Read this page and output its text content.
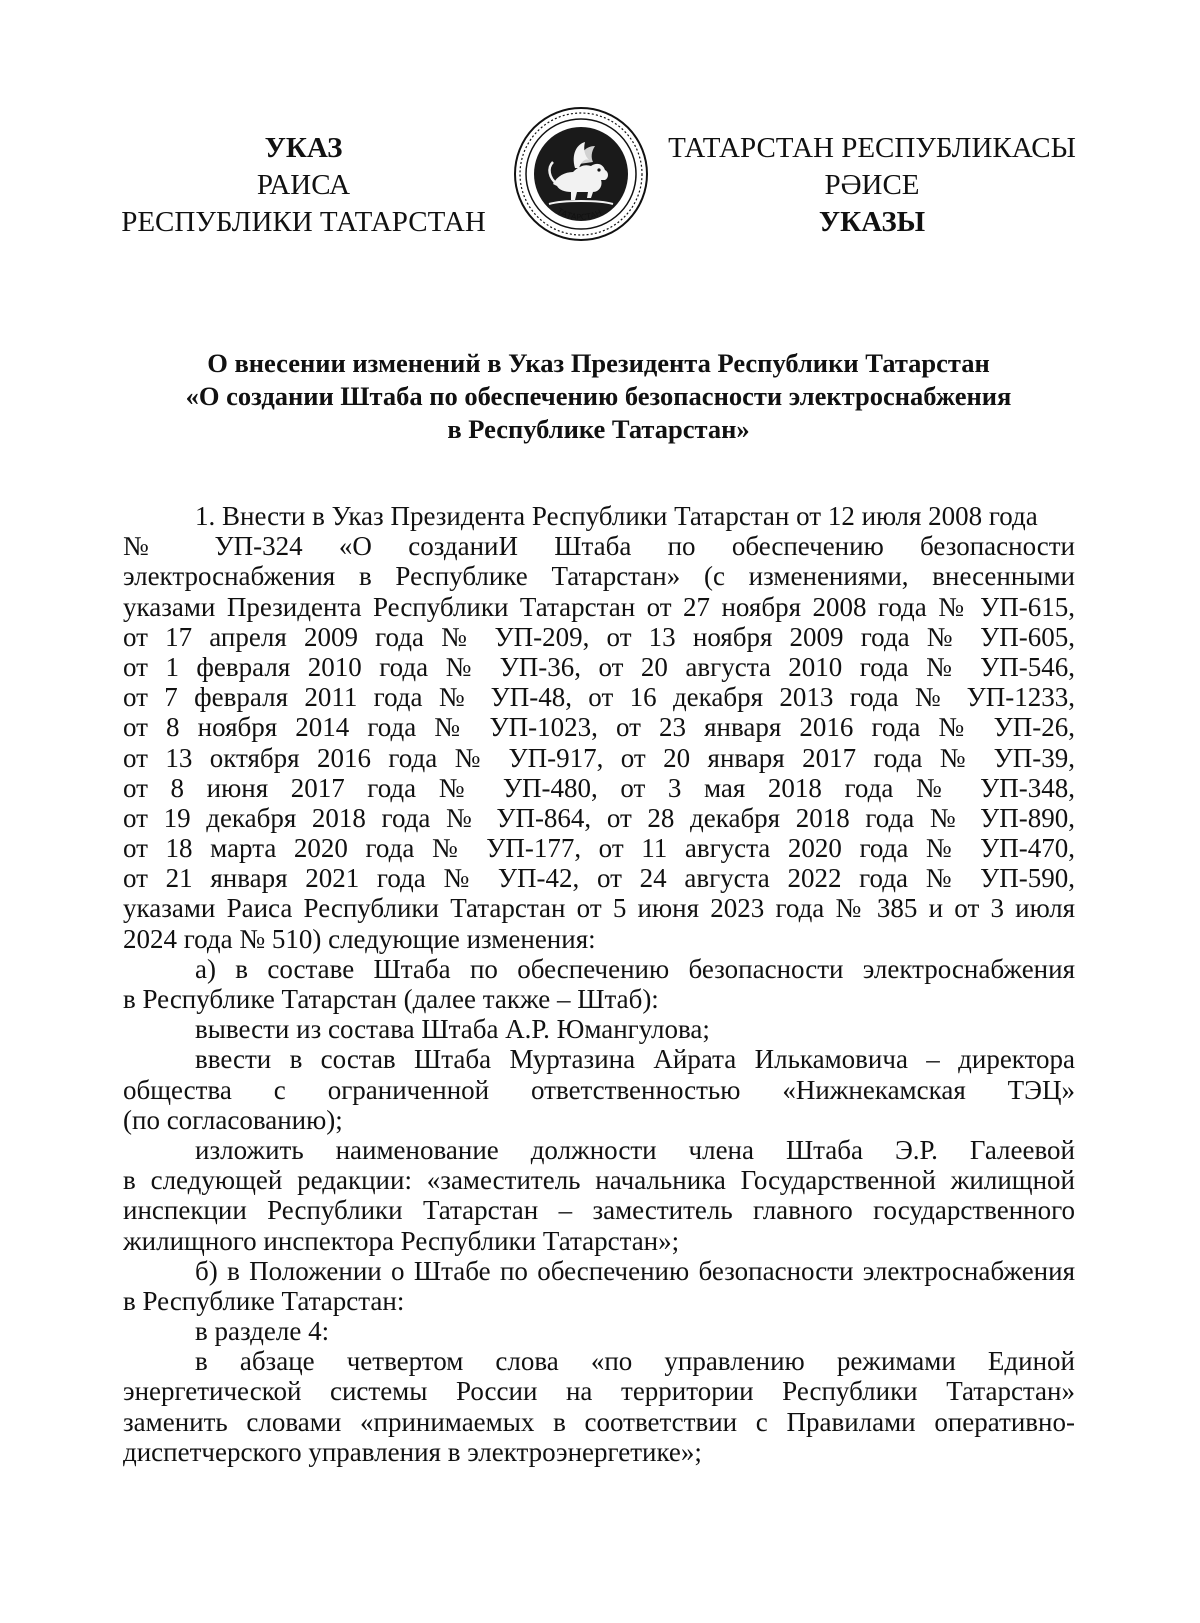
УКАЗ
РАИСА
РЕСПУБЛИКИ ТАТАРСТАН	ТАТАРСТАН
ТАТАРСТАН РЕСПУБЛИКАСЫ
РӘИСЕ
УКАЗЫ
О внесении изменений в Указ Президента Республики Татарстан
«О создании Штаба по обеспечению безопасности электроснабжения
в Республике Татарстан»
1. Внести в Указ Президента Республики Татарстан от 12 июля 2008 года
№ УП-324 «О созданиИ Штаба по обеспечению безопасности
электроснабжения в Республике Татарстан» (с изменениями, внесенными
указами Президента Республики Татарстан от 27 ноября 2008 года № УП-615,
от 17 апреля 2009 года № УП-209, от 13 ноября 2009 года № УП-605,
от 1 февраля 2010 года № УП-36, от 20 августа 2010 года № УП-546,
от 7 февраля 2011 года № УП-48, от 16 декабря 2013 года № УП-1233,
от 8 ноября 2014 года № УП-1023, от 23 января 2016 года № УП-26,
от 13 октября 2016 года № УП-917, от 20 января 2017 года № УП-39,
от 8 июня 2017 года № УП-480, от 3 мая 2018 года № УП-348,
от 19 декабря 2018 года № УП-864, от 28 декабря 2018 года № УП-890,
от 18 марта 2020 года № УП-177, от 11 августа 2020 года № УП-470,
от 21 января 2021 года № УП-42, от 24 августа 2022 года № УП-590,
указами Раиса Республики Татарстан от 5 июня 2023 года № 385 и от 3 июля
2024 года № 510) следующие изменения:
а) в составе Штаба по обеспечению безопасности электроснабжения
в Республике Татарстан (далее также – Штаб):
вывести из состава Штаба А.Р. Юмангулова;
ввести в состав Штаба Муртазина Айрата Илькамовича – директора
общества с ограниченной ответственностью «Нижнекамская ТЭЦ»
(по согласованию);
изложить наименование должности члена Штаба Э.Р. Галеевой
в следующей редакции: «заместитель начальника Государственной жилищной
инспекции Республики Татарстан – заместитель главного государственного
жилищного инспектора Республики Татарстан»;
б) в Положении о Штабе по обеспечению безопасности электроснабжения
в Республике Татарстан:
в разделе 4:
в абзаце четвертом слова «по управлению режимами Единой
энергетической системы России на территории Республики Татарстан»
заменить словами «принимаемых в соответствии с Правилами оперативно-
диспетчерского управления в электроэнергетике»;
